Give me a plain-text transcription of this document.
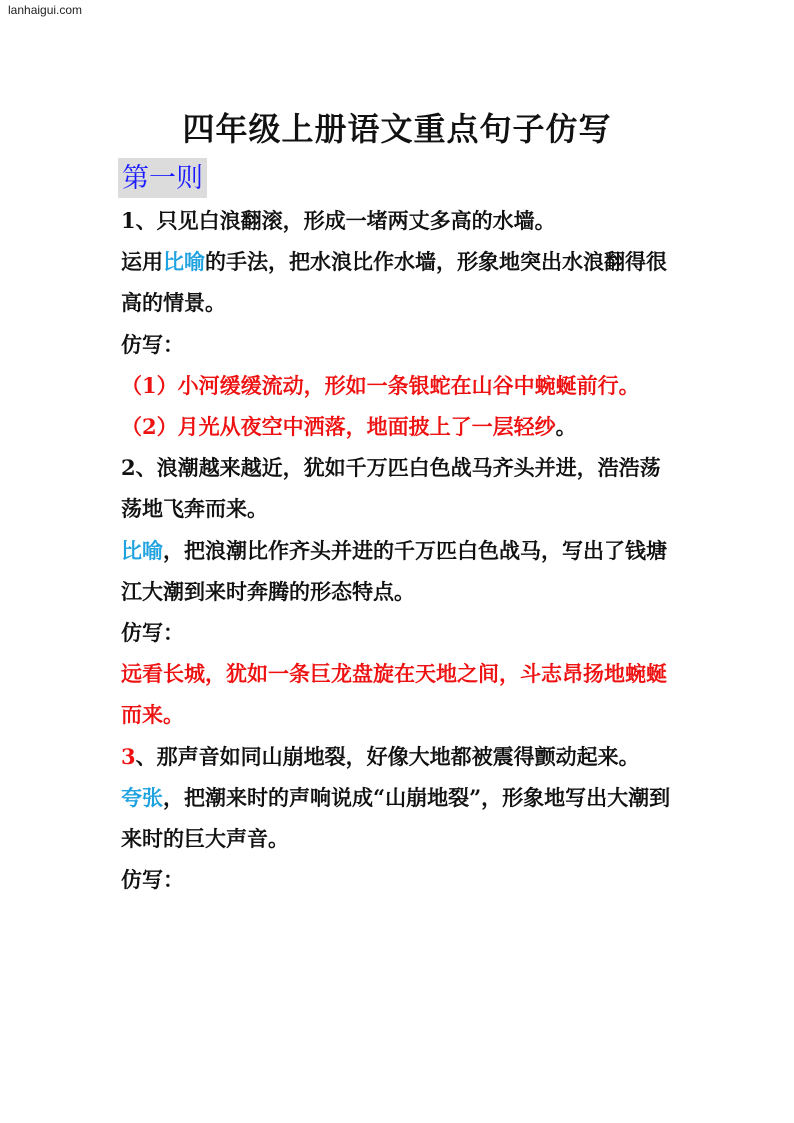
lanhaigui.com
四年级上册语文重点句子仿写
第一则

1、只见白浪翻滚，形成一堵两丈多高的水墙。

运用比喻的手法，把水浪比作水墙，形象地突出水浪翻得很高的情景。

仿写：

（1）小河缓缓流动，形如一条银蛇在山谷中蜿蜒前行。

（2）月光从夜空中洒落，地面披上了一层轻纱。

2、浪潮越来越近，犹如千万匹白色战马齐头并进，浩浩荡荡地飞奔而来。

比喻，把浪潮比作齐头并进的千万匹白色战马，写出了钱塘江大潮到来时奔腾的形态特点。

仿写：

远看长城，犹如一条巨龙盘旋在天地之间，斗志昂扬地蜿蜒而来。

3、那声音如同山崩地裂，好像大地都被震得颤动起来。

夸张，把潮来时的声响说成“山崩地裂”，形象地写出大潮到来时的巨大声音。

仿写：
